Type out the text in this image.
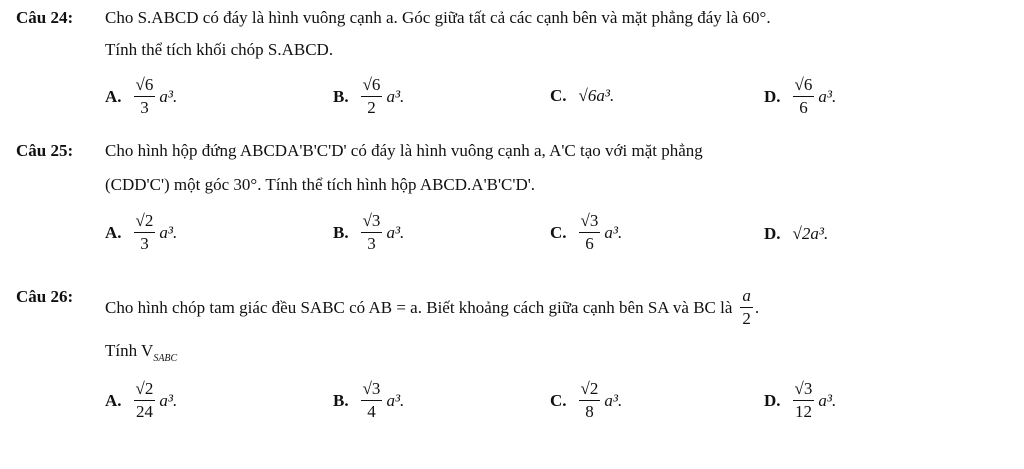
Câu 24: Cho S.ABCD có đáy là hình vuông cạnh a. Góc giữa tất cả các cạnh bên và mặt phẳng đáy là 60°.
Tính thể tích khối chóp S.ABCD.
A. $\frac{√6}{3} a^3$.	B. $\frac{√6}{2} a^3$.	C. √6a³.	D. $\frac{√6}{6} a^3$.
Câu 25: Cho hình hộp đứng ABCDA'B'C'D' có đáy là hình vuông cạnh a, A'C tạo với mặt phẳng
(CDD'C') một góc 30°. Tính thể tích hình hộp ABCD.A'B'C'D'.
A. $\frac{√2}{3} a^3$.	B. $\frac{√3}{3} a^3$.	C. $\frac{√3}{6} a^3$.	D. √2a³.
Câu 26:
Cho hình chóp tam giác đều SABC có AB = a. Biết khoảng cách giữa cạnh bên SA và BC là $\frac{a}{2}$ .
Tính $V_{SABC}$
A. $\frac{√2}{24} a^3$.	B. $\frac{√3}{4} a^3$.	C. $\frac{√2}{8} a^3$.	D. $\frac{√3}{12} a^3$.
